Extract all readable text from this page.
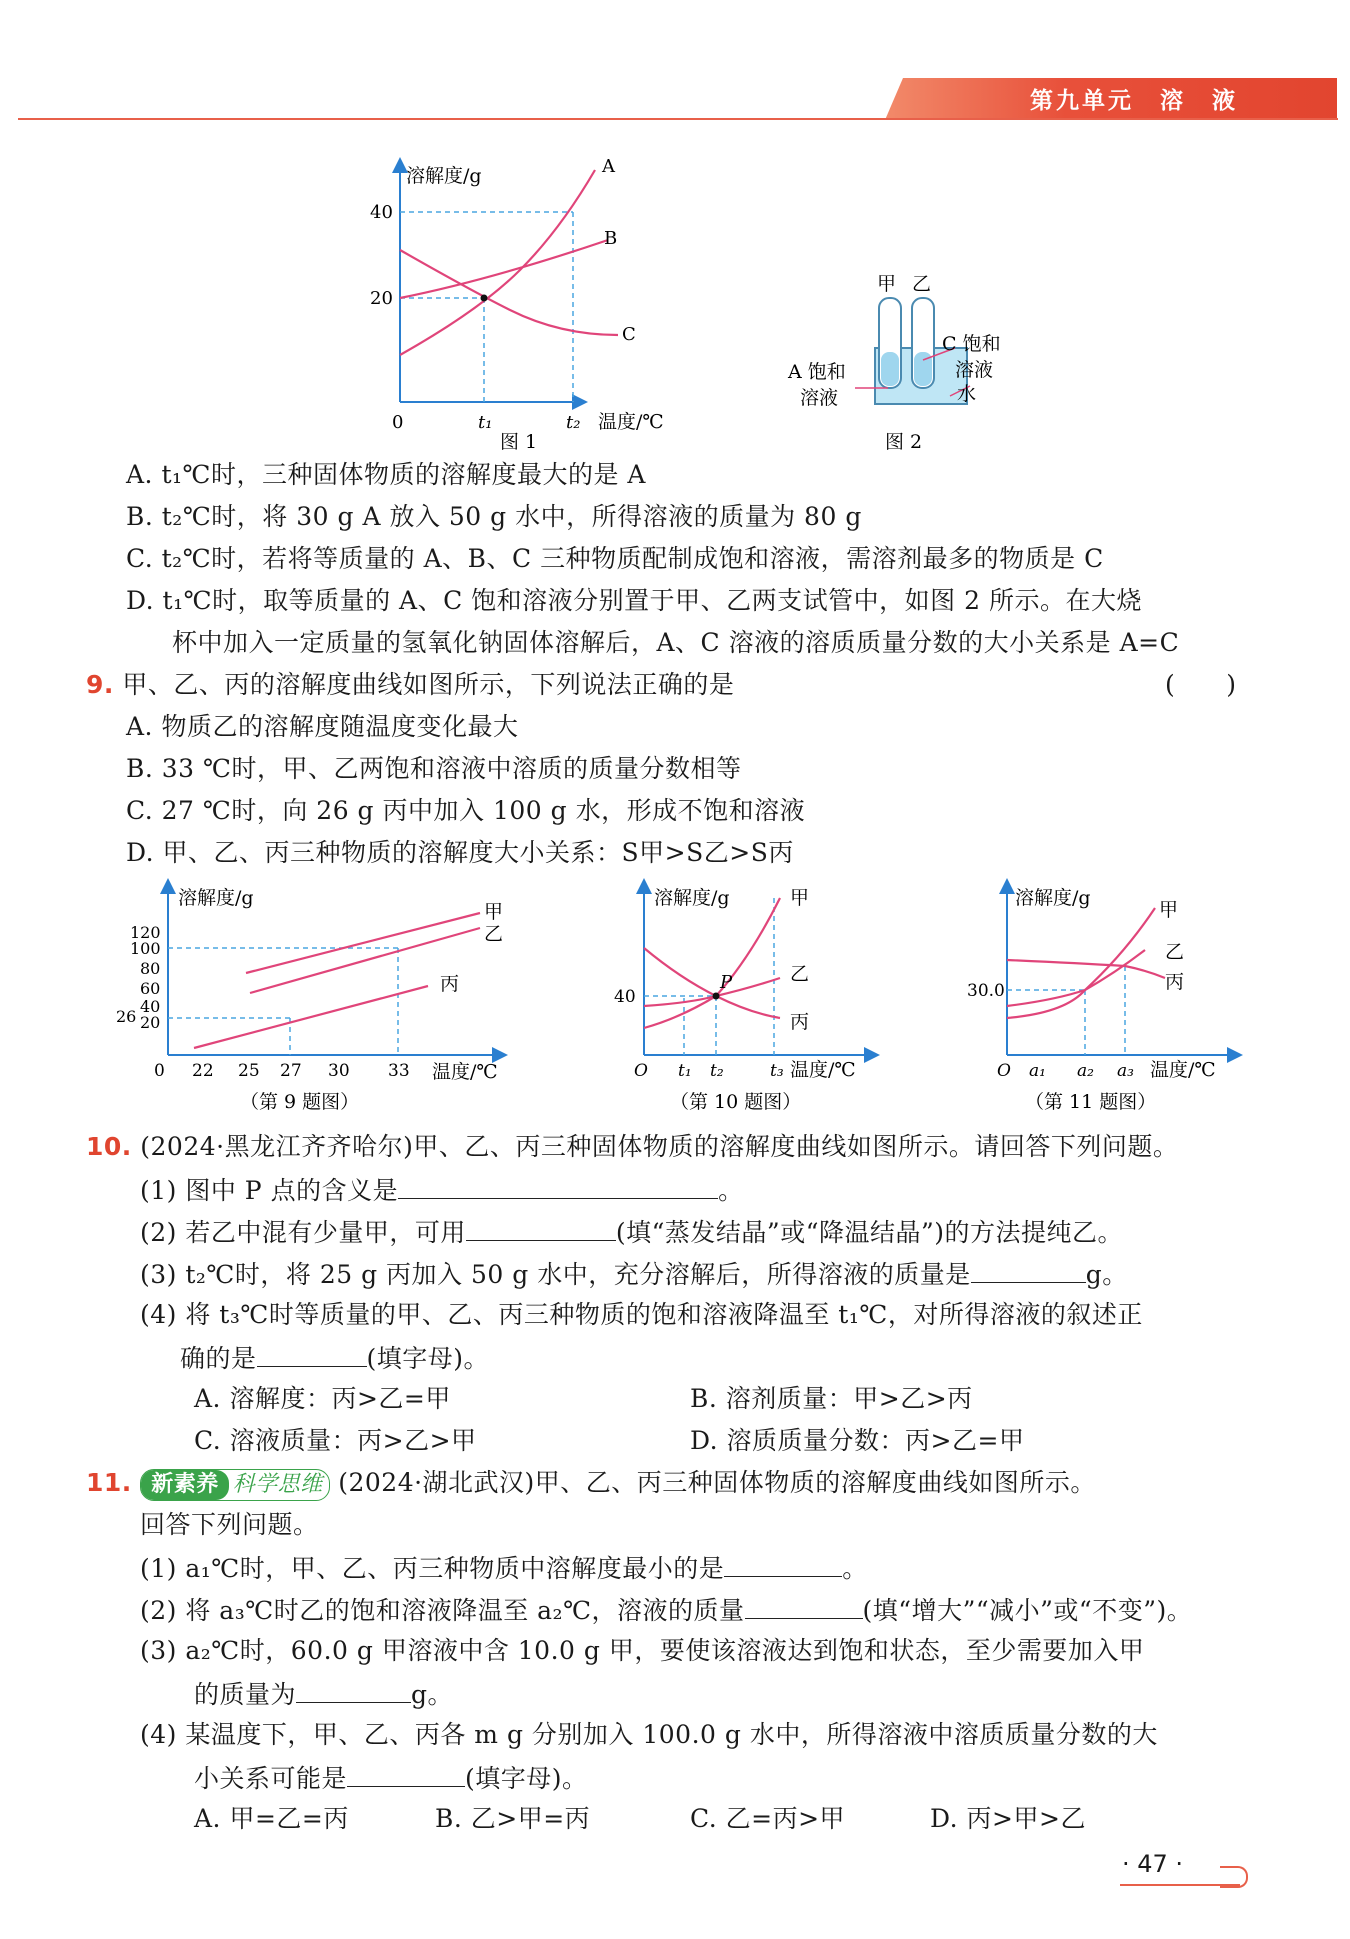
第九单元　溶　液
溶解度/g
40
20
0	t₁	t₂ 温度/℃
A
B
C
图 1
甲 乙
A 饱和
溶液
C 饱和
溶液
水
图 2
A. t₁℃时，三种固体物质的溶解度最大的是 A
B. t₂℃时，将 30 g A 放入 50 g 水中，所得溶液的质量为 80 g
C. t₂℃时，若将等质量的 A、B、C 三种物质配制成饱和溶液，需溶剂最多的物质是 C
D. t₁℃时，取等质量的 A、C 饱和溶液分别置于甲、乙两支试管中，如图 2 所示。在大烧
杯中加入一定质量的氢氧化钠固体溶解后，A、C 溶液的溶质质量分数的大小关系是 A=C
9. 甲、乙、丙的溶解度曲线如图所示，下列说法正确的是	(　　)
A. 物质乙的溶解度随温度变化最大
B. 33 ℃时，甲、乙两饱和溶液中溶质的质量分数相等
C. 27 ℃时，向 26 g 丙中加入 100 g 水，形成不饱和溶液
D. 甲、乙、丙三种物质的溶解度大小关系：S甲>S乙>S丙
溶解度/g
120
100
80
60
40
20
26
0 22 25 27 30 33 温度/℃
甲
乙
丙
（第 9 题图）
P
溶解度/g
40
O t₁ t₂	t₃ 温度/℃
甲
乙
丙
（第 10 题图）
溶解度/g
30.0
O a₁ a₂ a₃ 温度/℃
甲
乙
丙
（第 11 题图）
10. (2024·黑龙江齐齐哈尔)甲、乙、丙三种固体物质的溶解度曲线如图所示。请回答下列问题。
(1) 图中 P 点的含义是	。
(2) 若乙中混有少量甲，可用	(填“蒸发结晶”或“降温结晶”)的方法提纯乙。
(3) t₂℃时，将 25 g 丙加入 50 g 水中，充分溶解后，所得溶液的质量是	g。
(4) 将 t₃℃时等质量的甲、乙、丙三种物质的饱和溶液降温至 t₁℃，对所得溶液的叙述正
确的是	(填字母)。
A. 溶解度：丙>乙=甲	B. 溶剂质量：甲>乙>丙
C. 溶液质量：丙>乙>甲	D. 溶质质量分数：丙>乙=甲
11. 新素养 科学思维 (2024·湖北武汉)甲、乙、丙三种固体物质的溶解度曲线如图所示。
回答下列问题。
(1) a₁℃时，甲、乙、丙三种物质中溶解度最小的是	。
(2) 将 a₃℃时乙的饱和溶液降温至 a₂℃，溶液的质量	(填“增大”“减小”或“不变”)。
(3) a₂℃时，60.0 g 甲溶液中含 10.0 g 甲，要使该溶液达到饱和状态，至少需要加入甲
的质量为	g。
(4) 某温度下，甲、乙、丙各 m g 分别加入 100.0 g 水中，所得溶液中溶质质量分数的大
小关系可能是	(填字母)。
A. 甲=乙=丙	B. 乙>甲=丙	C. 乙=丙>甲	D. 丙>甲>乙
· 47 ·
